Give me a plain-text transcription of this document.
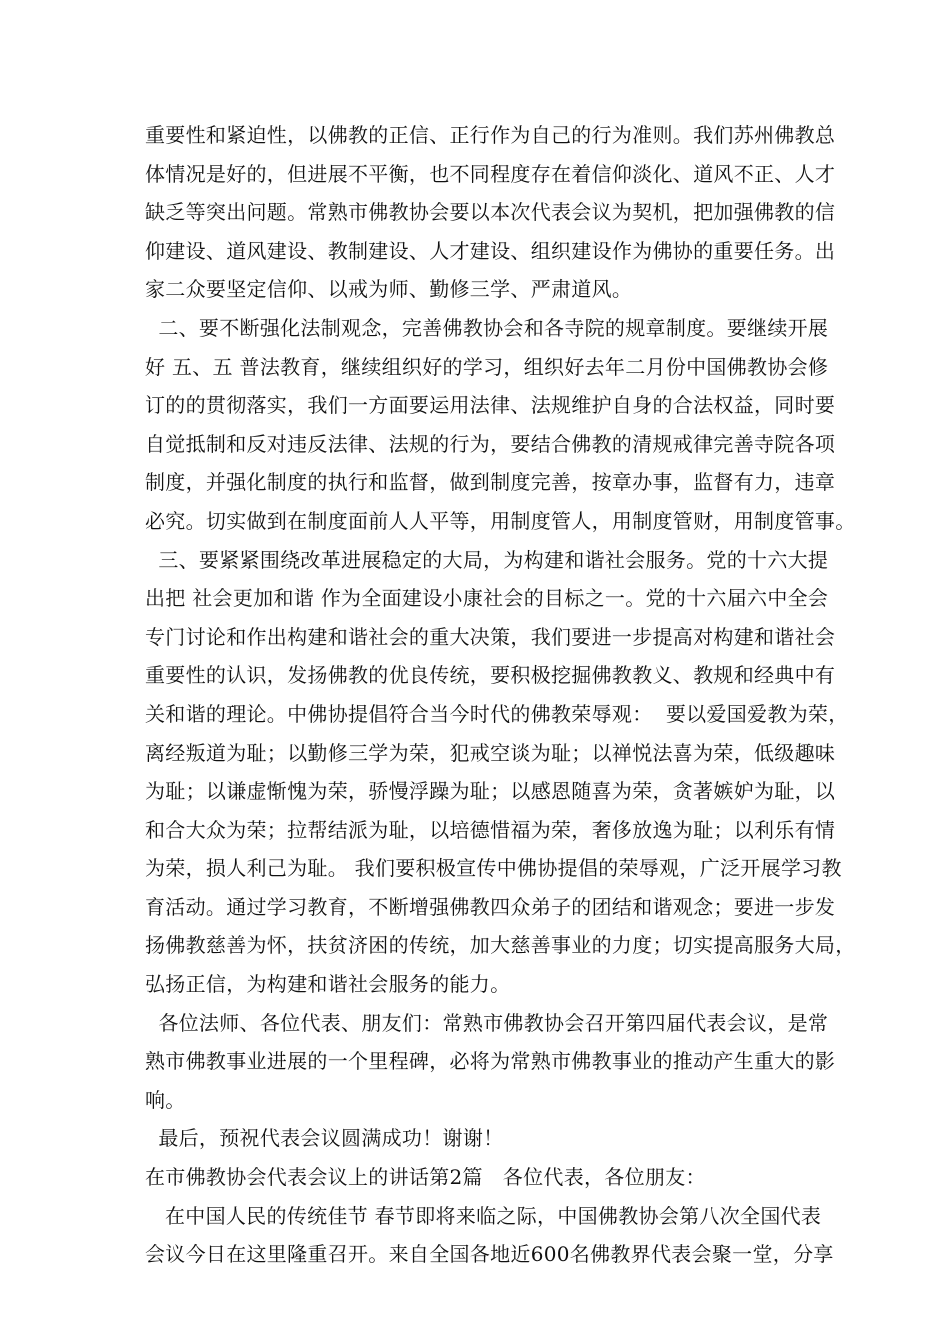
重要性和紧迫性，以佛教的正信、正行作为自己的行为准则。我们苏州佛教总
体情况是好的，但进展不平衡，也不同程度存在着信仰淡化、道风不正、人才
缺乏等突出问题。常熟市佛教协会要以本次代表会议为契机，把加强佛教的信
仰建设、道风建设、教制建设、人才建设、组织建设作为佛协的重要任务。出
家二众要坚定信仰、以戒为师、勤修三学、严肃道风。
二、要不断强化法制观念，完善佛教协会和各寺院的规章制度。要继续开展
好 五、五 普法教育，继续组织好的学习，组织好去年二月份中国佛教协会修
订的的贯彻落实，我们一方面要运用法律、法规维护自身的合法权益，同时要
自觉抵制和反对违反法律、法规的行为，要结合佛教的清规戒律完善寺院各项
制度，并强化制度的执行和监督，做到制度完善，按章办事，监督有力，违章
必究。切实做到在制度面前人人平等，用制度管人，用制度管财，用制度管事。
三、要紧紧围绕改革进展稳定的大局，为构建和谐社会服务。党的十六大提
出把 社会更加和谐 作为全面建设小康社会的目标之一。党的十六届六中全会
专门讨论和作出构建和谐社会的重大决策，我们要进一步提高对构建和谐社会
重要性的认识，发扬佛教的优良传统，要积极挖掘佛教教义、教规和经典中有
关和谐的理论。中佛协提倡符合当今时代的佛教荣辱观：  要以爱国爱教为荣，
离经叛道为耻；以勤修三学为荣，犯戒空谈为耻；以禅悦法喜为荣，低级趣味
为耻；以谦虚惭愧为荣，骄慢浮躁为耻；以感恩随喜为荣，贪著嫉妒为耻，以
和合大众为荣；拉帮结派为耻，以培德惜福为荣，奢侈放逸为耻；以利乐有情
为荣，损人利己为耻。 我们要积极宣传中佛协提倡的荣辱观，广泛开展学习教
育活动。通过学习教育，不断增强佛教四众弟子的团结和谐观念；要进一步发
扬佛教慈善为怀，扶贫济困的传统，加大慈善事业的力度；切实提高服务大局，
弘扬正信，为构建和谐社会服务的能力。
各位法师、各位代表、朋友们：常熟市佛教协会召开第四届代表会议，是常
熟市佛教事业进展的一个里程碑，必将为常熟市佛教事业的推动产生重大的影
响。
最后，预祝代表会议圆满成功！谢谢！
在市佛教协会代表会议上的讲话第2篇   各位代表，各位朋友：
在中国人民的传统佳节 春节即将来临之际，中国佛教协会第八次全国代表
会议今日在这里隆重召开。来自全国各地近600名佛教界代表会聚一堂，分享
